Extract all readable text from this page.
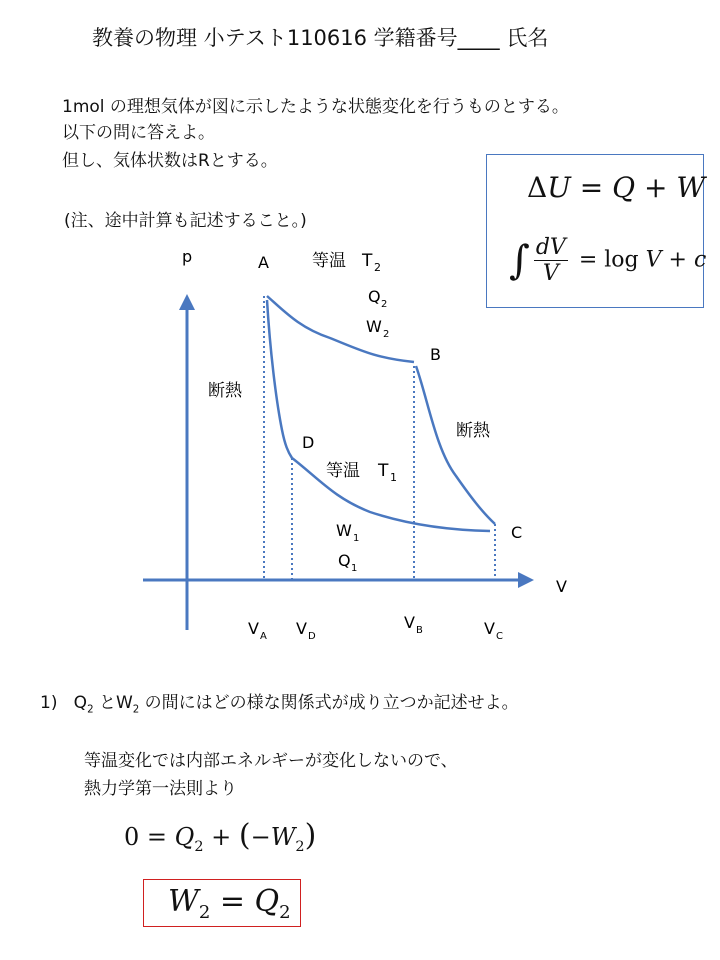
教養の物理 小テスト110616 学籍番号____ 氏名
1mol の理想気体が図に示したような状態変化を行うものとする。
以下の問に答えよ。
但し、気体状数はRとする。
(注、途中計算も記述すること。)
ΔU = Q + W
∫ $\frac{dV}{V} = \log V + c$
p
V
A
B
C
D
等温 T 2
Q 2
W 2
断熱
断熱
等温 T 1
W 1
Q 1
V A V D
V B	V C
1) $Q_2$ と$W_2$ の間にはどの様な関係式が成り立つか記述せよ。
等温変化では内部エネルギーが変化しないので、
熱力学第一法則より
$0 = Q_2 + (-W_2)$
$W_2 = Q_2$
